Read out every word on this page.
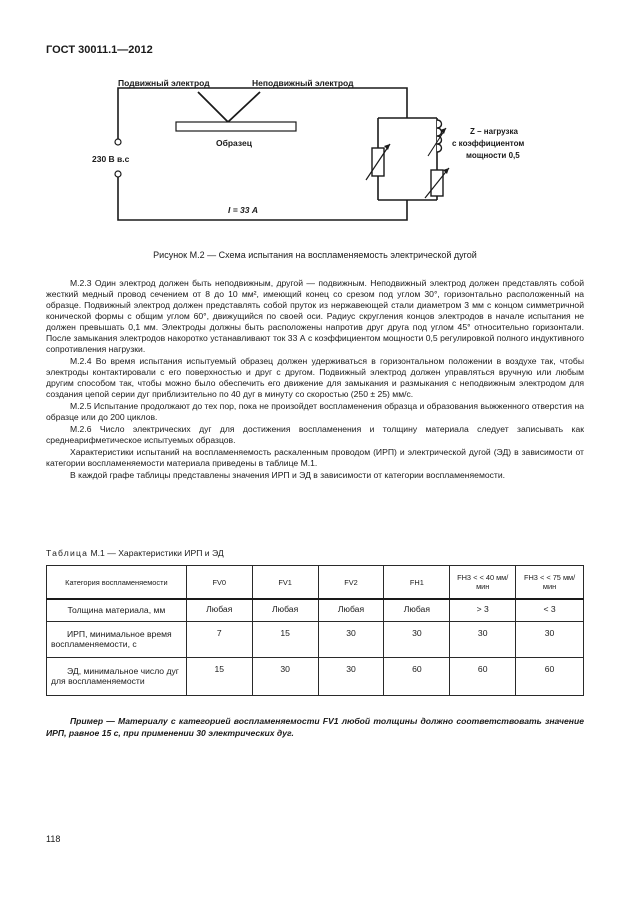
ГОСТ 30011.1—2012
Подвижный электрод	Неподвижный электрод
Образец
230 В в.с
I = 33 А
Z – нагрузка
с коэффициентом
мощности 0,5
Рисунок М.2 — Схема испытания на воспламеняемость электрической дугой

М.2.3 Один электрод должен быть неподвижным, другой — подвижным. Неподвижный электрод должен представлять собой жесткий медный провод сечением от 8 до 10 мм², имеющий конец со срезом под углом 30°, горизонтально расположенный на образце. Подвижный электрод должен представлять собой пруток из нержавеющей стали диаметром 3 мм с концом симметричной конической формы с общим углом 60°, движущийся по своей оси. Радиус скругления концов электродов в начале испытания не должен превышать 0,1 мм. Электроды должны быть расположены напротив друг друга под углом 45° относительно горизонтали. После замыкания электродов накоротко устанавливают ток 33 А с коэффициентом мощности 0,5 регулировкой полного индуктивного сопротивления нагрузки.

М.2.4 Во время испытания испытуемый образец должен удерживаться в горизонтальном положении в воздухе так, чтобы электроды контактировали с его поверхностью и друг с другом. Подвижный электрод должен управляться вручную или любым другим способом так, чтобы можно было обеспечить его движение для замыкания и размыкания с неподвижным электродом для создания цепой серии дуг приблизительно по 40 дуг в минуту со скоростью (250 ± 25) мм/с.

М.2.5 Испытание продолжают до тех пор, пока не произойдет воспламенения образца и образования выжженного отверстия на образце или до 200 циклов.

М.2.6 Число электрических дуг для достижения воспламенения и толщину материала следует записывать как среднеарифметическое испытуемых образцов.

Характеристики испытаний на воспламеняемость раскаленным проводом (ИРП) и электрической дугой (ЭД) в зависимости от категории воспламеняемости материала приведены в таблице М.1.

В каждой графе таблицы представлены значения ИРП и ЭД в зависимости от категории воспламеняемости.

Таблица М.1 — Характеристики ИРП и ЭД
Категория воспламеняемости	FV0	FV1	FV2	FH1	FH3 < < 40 мм/мин	FH3 < < 75 мм/мин
Толщина материала, мм	Любая	Любая	Любая	Любая	> 3	< 3
ИРП, минимальное время воспламеняемости, с	7	15	30	30	30	30
ЭД, минимальное число дуг для воспламеняемости	15	30	30	60	60	60
Пример — Материалу с категорией воспламеняемости FV1 любой толщины должно соответствовать значение ИРП, равное 15 с, при применении 30 электрических дуг.
118
